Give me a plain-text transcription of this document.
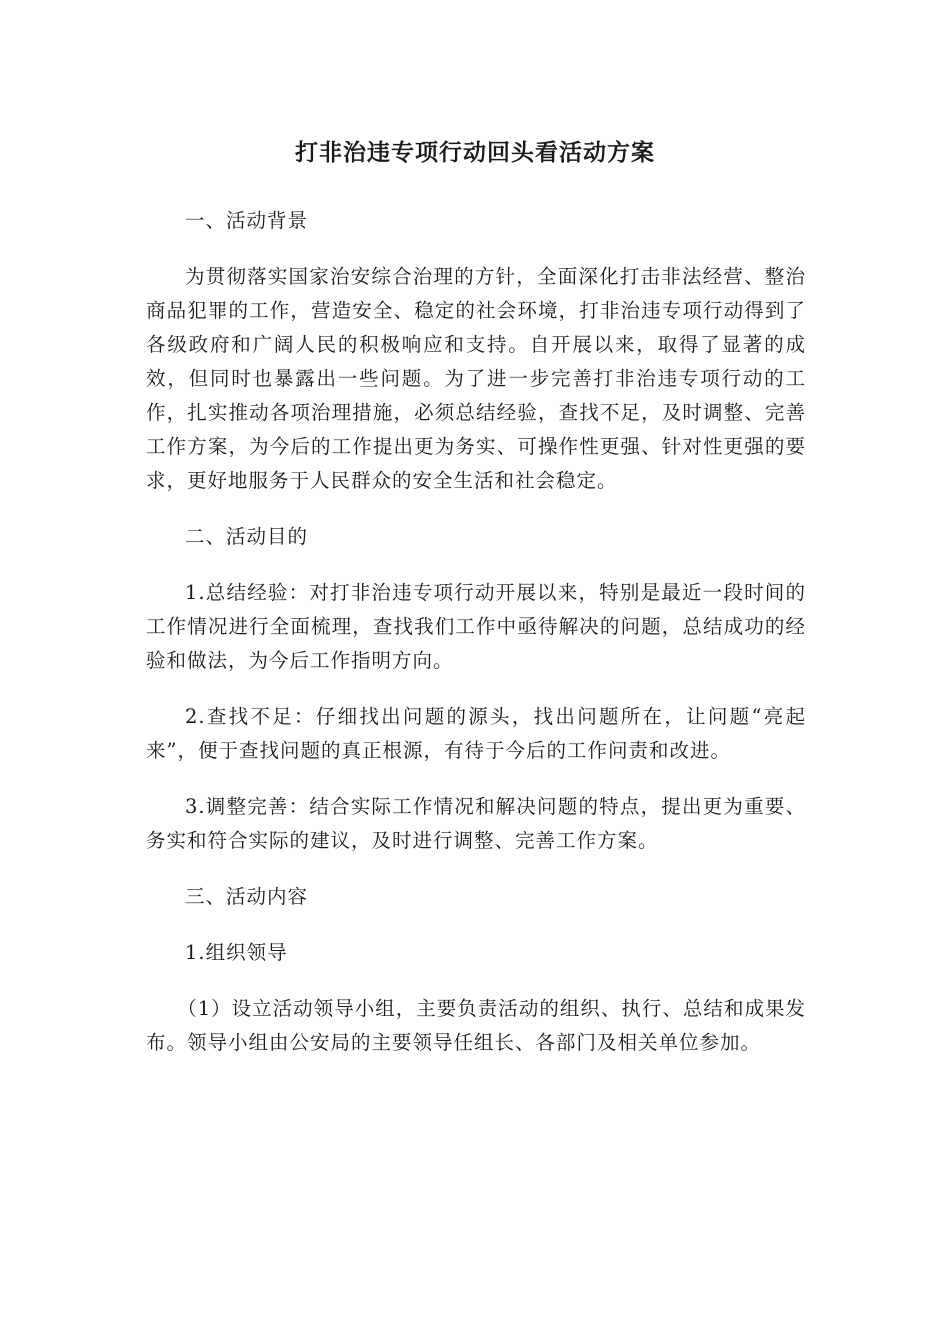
打非治违专项行动回头看活动方案

一、活动背景

为贯彻落实国家治安综合治理的方针，全面深化打击非法经营、整治商品犯罪的工作，营造安全、稳定的社会环境，打非治违专项行动得到了各级政府和广阔人民的积极响应和支持。自开展以来，取得了显著的成效，但同时也暴露出一些问题。为了进一步完善打非治违专项行动的工作，扎实推动各项治理措施，必须总结经验，查找不足，及时调整、完善工作方案，为今后的工作提出更为务实、可操作性更强、针对性更强的要求，更好地服务于人民群众的安全生活和社会稳定。

二、活动目的

1.总结经验：对打非治违专项行动开展以来，特别是最近一段时间的工作情况进行全面梳理，查找我们工作中亟待解决的问题，总结成功的经验和做法，为今后工作指明方向。

2.查找不足：仔细找出问题的源头，找出问题所在，让问题“亮起来”，便于查找问题的真正根源，有待于今后的工作问责和改进。

3.调整完善：结合实际工作情况和解决问题的特点，提出更为重要、务实和符合实际的建议，及时进行调整、完善工作方案。

三、活动内容

1.组织领导

（1）设立活动领导小组，主要负责活动的组织、执行、总结和成果发布。领导小组由公安局的主要领导任组长、各部门及相关单位参加。
